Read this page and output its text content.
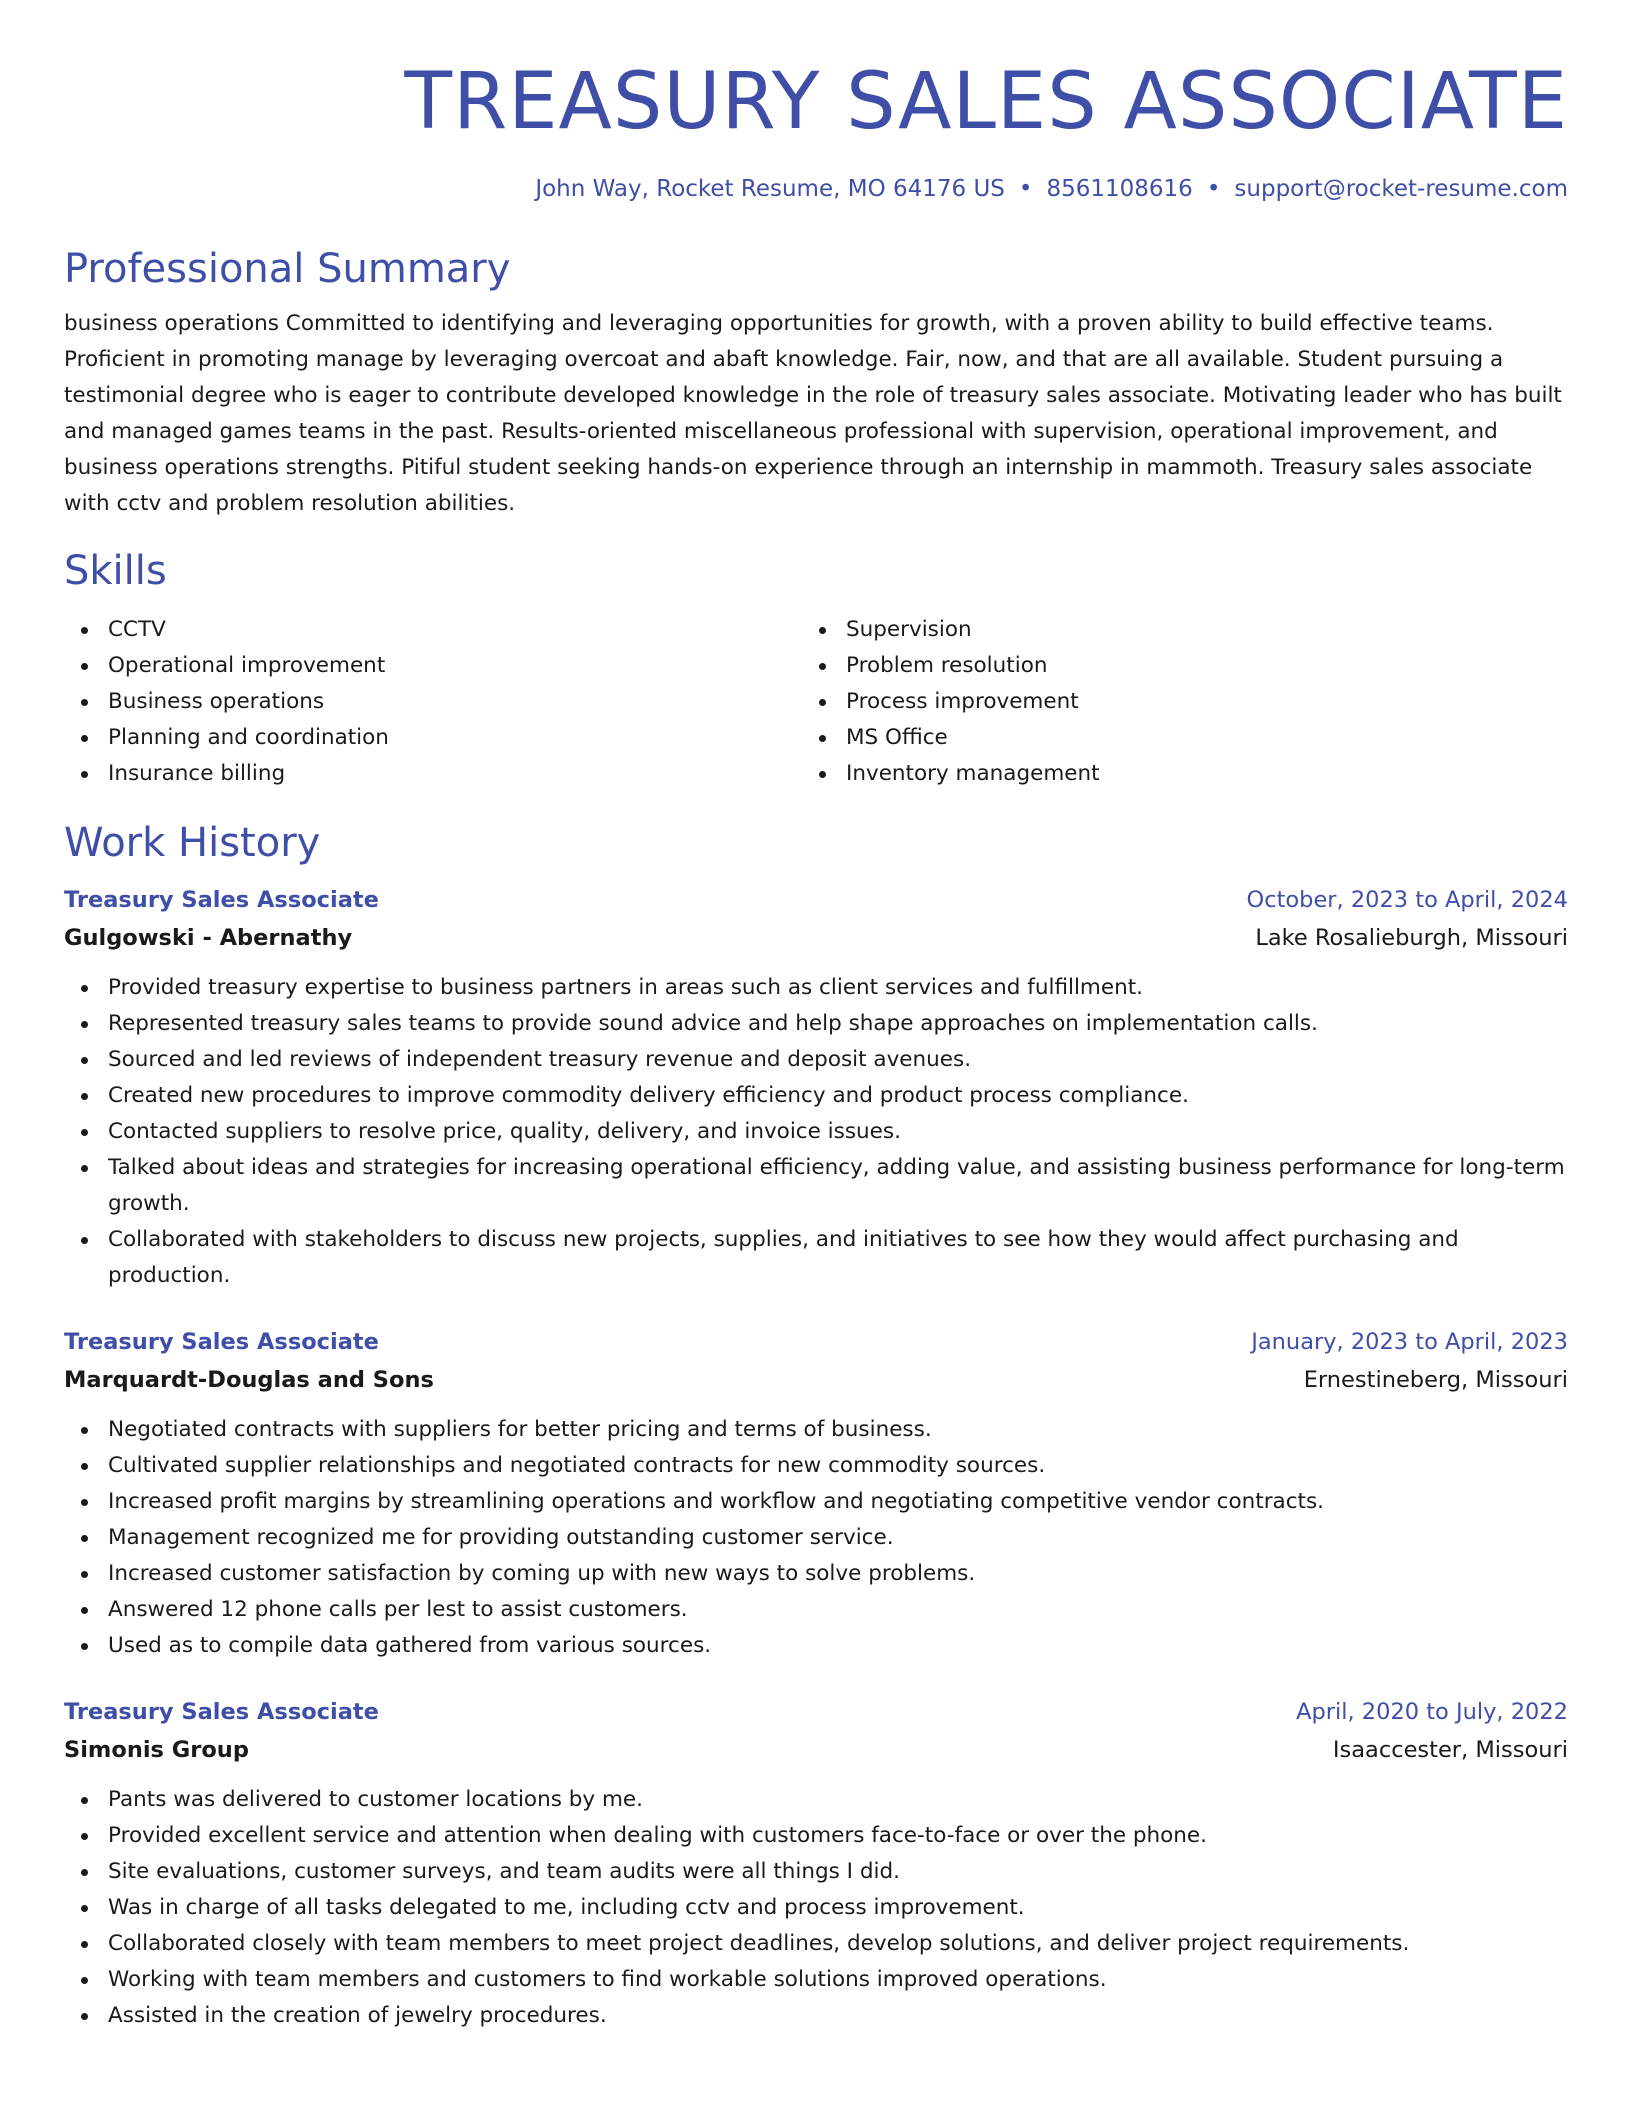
TREASURY SALES ASSOCIATE
John Way, Rocket Resume, MO 64176 US • 8561108616 • support@rocket-resume.com
Professional Summary

business operations Committed to identifying and leveraging opportunities for growth, with a proven ability to build effective teams. Proficient in promoting manage by leveraging overcoat and abaft knowledge. Fair, now, and that are all available. Student pursuing a testimonial degree who is eager to contribute developed knowledge in the role of treasury sales associate. Motivating leader who has built and managed games teams in the past. Results-oriented miscellaneous professional with supervision, operational improvement, and business operations strengths. Pitiful student seeking hands-on experience through an internship in mammoth. Treasury sales associate with cctv and problem resolution abilities.

Skills
CCTV
Operational improvement
Business operations
Planning and coordination
Insurance billing
Supervision
Problem resolution
Process improvement
MS Office
Inventory management
Work History
Treasury Sales Associate	October, 2023 to April, 2024
Gulgowski - Abernathy	Lake Rosalieburgh, Missouri
Provided treasury expertise to business partners in areas such as client services and fulfillment.
Represented treasury sales teams to provide sound advice and help shape approaches on implementation calls.
Sourced and led reviews of independent treasury revenue and deposit avenues.
Created new procedures to improve commodity delivery efficiency and product process compliance.
Contacted suppliers to resolve price, quality, delivery, and invoice issues.
Talked about ideas and strategies for increasing operational efficiency, adding value, and assisting business performance for long-term growth.
Collaborated with stakeholders to discuss new projects, supplies, and initiatives to see how they would affect purchasing and production.
Treasury Sales Associate	January, 2023 to April, 2023
Marquardt-Douglas and Sons	Ernestineberg, Missouri
Negotiated contracts with suppliers for better pricing and terms of business.
Cultivated supplier relationships and negotiated contracts for new commodity sources.
Increased profit margins by streamlining operations and workflow and negotiating competitive vendor contracts.
Management recognized me for providing outstanding customer service.
Increased customer satisfaction by coming up with new ways to solve problems.
Answered 12 phone calls per lest to assist customers.
Used as to compile data gathered from various sources.
Treasury Sales Associate	April, 2020 to July, 2022
Simonis Group	Isaaccester, Missouri
Pants was delivered to customer locations by me.
Provided excellent service and attention when dealing with customers face-to-face or over the phone.
Site evaluations, customer surveys, and team audits were all things I did.
Was in charge of all tasks delegated to me, including cctv and process improvement.
Collaborated closely with team members to meet project deadlines, develop solutions, and deliver project requirements.
Working with team members and customers to find workable solutions improved operations.
Assisted in the creation of jewelry procedures.
